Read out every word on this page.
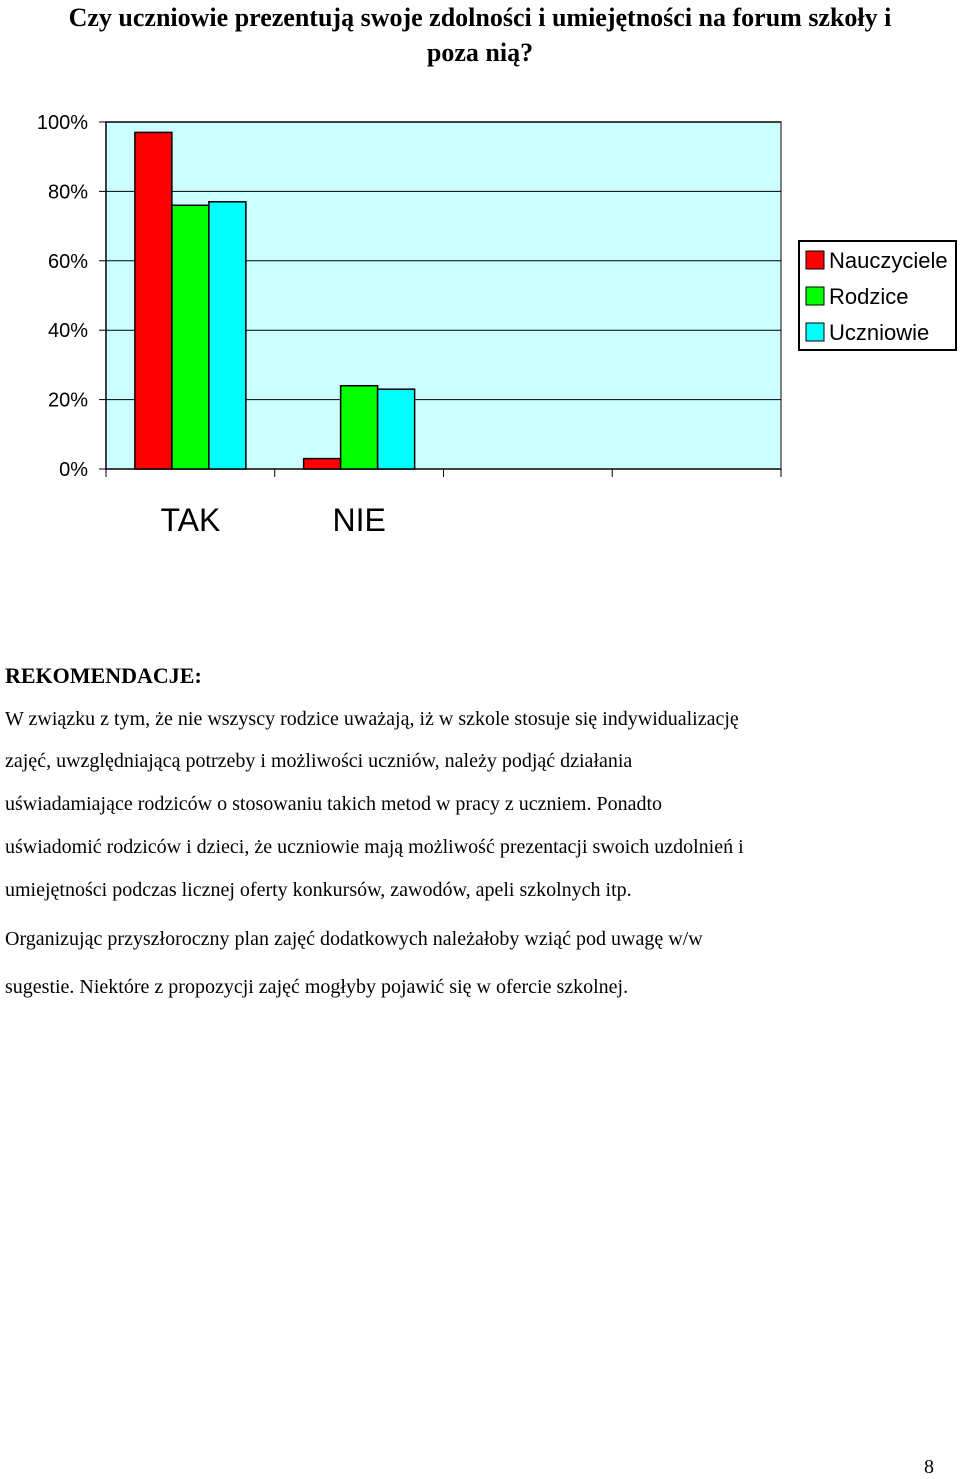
Czy uczniowie prezentują swoje zdolności i umiejętności na forum szkoły i poza nią?
0%
20%
40%
60%
80%
100%
TAK	NIE
Nauczyciele
Rodzice
Uczniowie

REKOMENDACJE:

W związku z tym, że nie wszyscy rodzice uważają, iż w szkole stosuje się indywidualizację

zajęć, uwzględniającą potrzeby i możliwości uczniów, należy podjąć działania

uświadamiające rodziców o stosowaniu takich metod w pracy z uczniem. Ponadto

uświadomić rodziców i dzieci, że uczniowie mają możliwość prezentacji swoich uzdolnień i

umiejętności podczas licznej oferty konkursów, zawodów, apeli szkolnych itp.

Organizując przyszłoroczny plan zajęć dodatkowych należałoby wziąć pod uwagę w/w

sugestie. Niektóre z propozycji zajęć mogłyby pojawić się w ofercie szkolnej.

8
